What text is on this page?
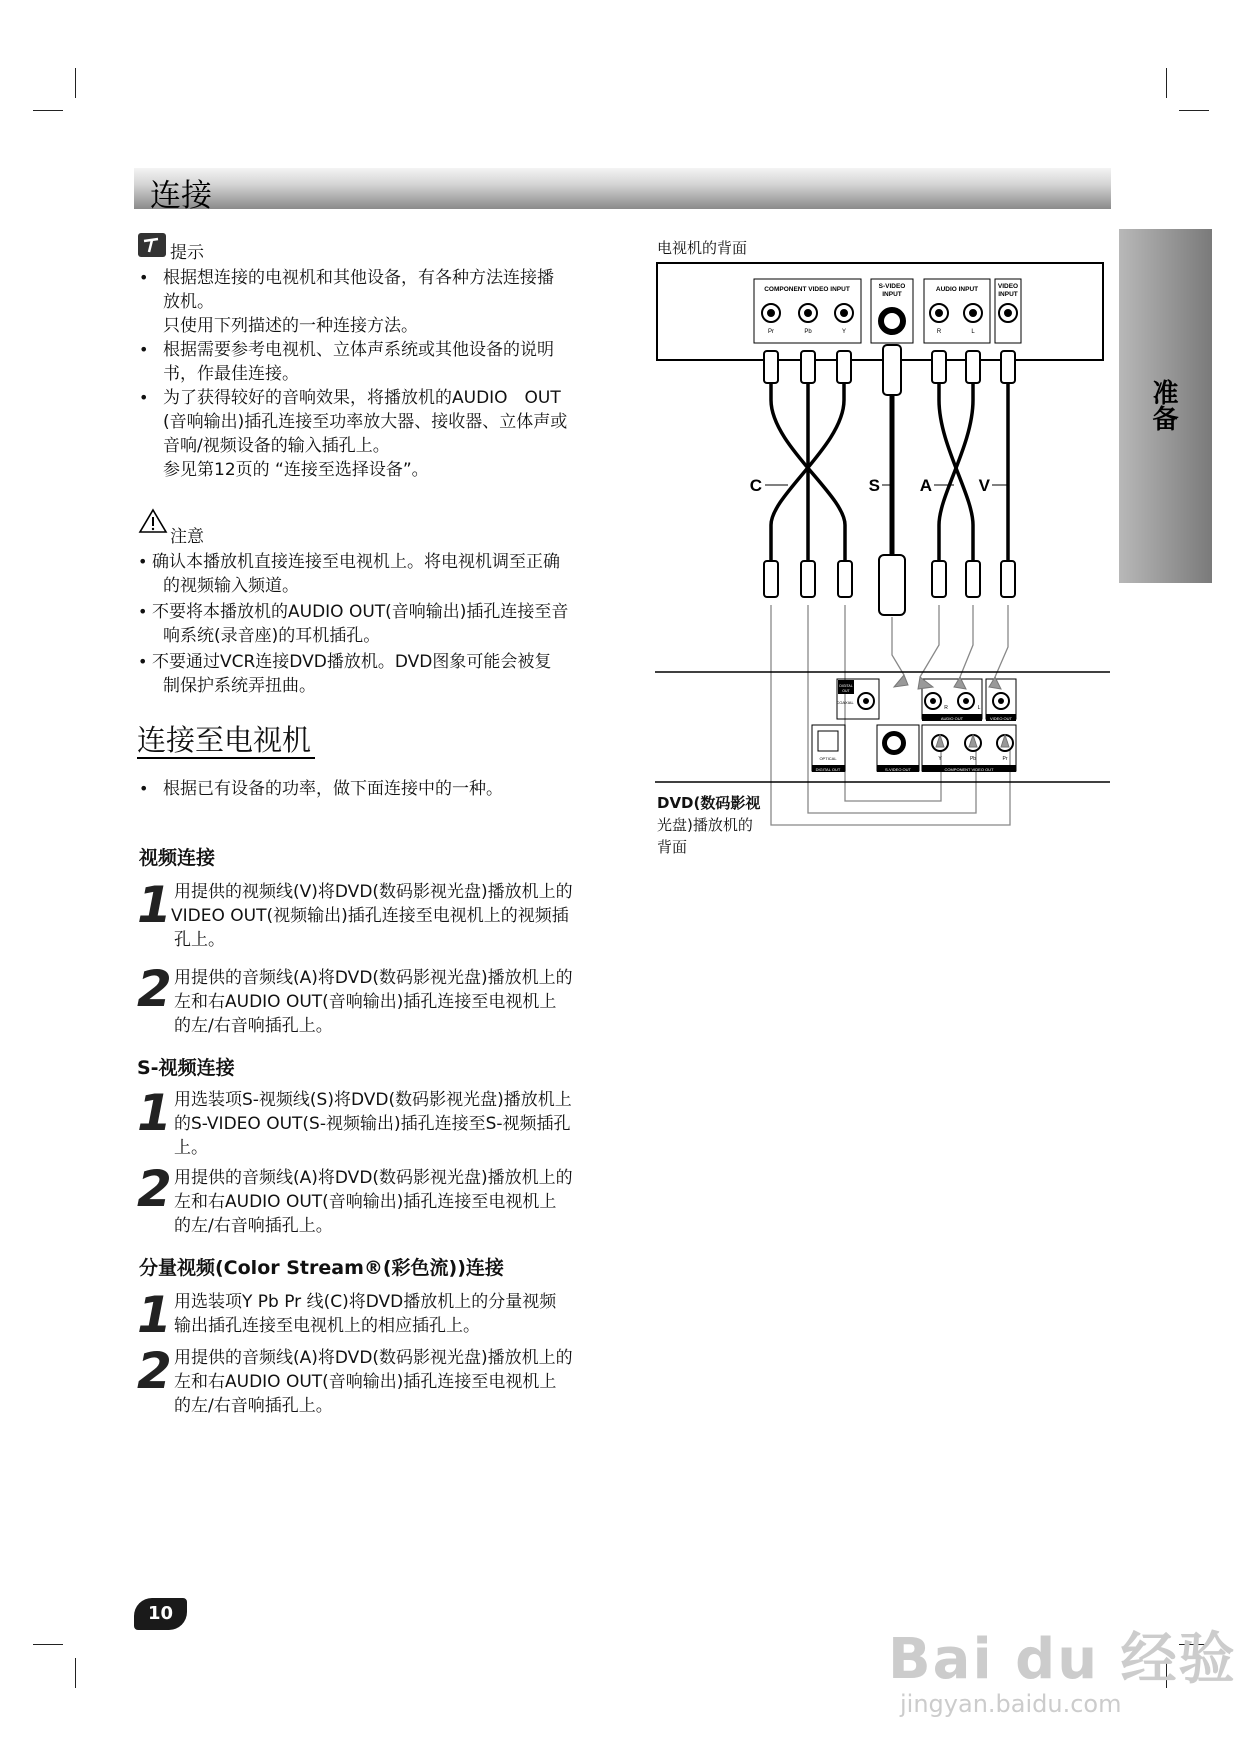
连接
准备
提示
• 根据想连接的电视机和其他设备，有各种方法连接播
放机。
只使用下列描述的一种连接方法。
• 根据需要参考电视机、立体声系统或其他设备的说明
书，作最佳连接。
• 为了获得较好的音响效果，将播放机的AUDIO　OUT
(音响输出)插孔连接至功率放大器、接收器、立体声或
音响/视频设备的输入插孔上。
参见第12页的 “连接至选择设备”。
注意
• 确认本播放机直接连接至电视机上。将电视机调至正确
的视频输入频道。
• 不要将本播放机的AUDIO OUT(音响输出)插孔连接至音
响系统(录音座)的耳机插孔。
• 不要通过VCR连接DVD播放机。DVD图象可能会被复
制保护系统弄扭曲。
连接至电视机
• 根据已有设备的功率，做下面连接中的一种。
视频连接
1 用提供的视频线(V)将DVD(数码影视光盘)播放机上的
VIDEO OUT(视频输出)插孔连接至电视机上的视频插
孔上。
2 用提供的音频线(A)将DVD(数码影视光盘)播放机上的
左和右AUDIO OUT(音响输出)插孔连接至电视机上
的左/右音响插孔上。
S-视频连接
1 用选装项S-视频线(S)将DVD(数码影视光盘)播放机上
的S-VIDEO OUT(S-视频输出)插孔连接至S-视频插孔
上。
2 用提供的音频线(A)将DVD(数码影视光盘)播放机上的
左和右AUDIO OUT(音响输出)插孔连接至电视机上
的左/右音响插孔上。
分量视频(Color Stream®(彩色流))连接
1 用选装项Y Pb Pr 线(C)将DVD播放机上的分量视频
输出插孔连接至电视机上的相应插孔上。
2 用提供的音频线(A)将DVD(数码影视光盘)播放机上的
左和右AUDIO OUT(音响输出)插孔连接至电视机上
的左/右音响插孔上。
电视机的背面
DVD(数码影视
光盘)播放机的
背面
COMPONENT VIDEO INPUT	S-VIDEO
INPUT
AUDIO INPUT	VIDEO
INPUT
Pr	Pb	Y	R	L
C	S A	V
DIGITAL
OUT
COAXIAL
OPTICAL
DIGITAL OUT	S-VIDEO OUT
R	L
AUDIO OUT	VIDEO OUT
Y	Pb	Pr
COMPONENT VIDEO OUT
10
Bai du 经验
jingyan.baidu.com
